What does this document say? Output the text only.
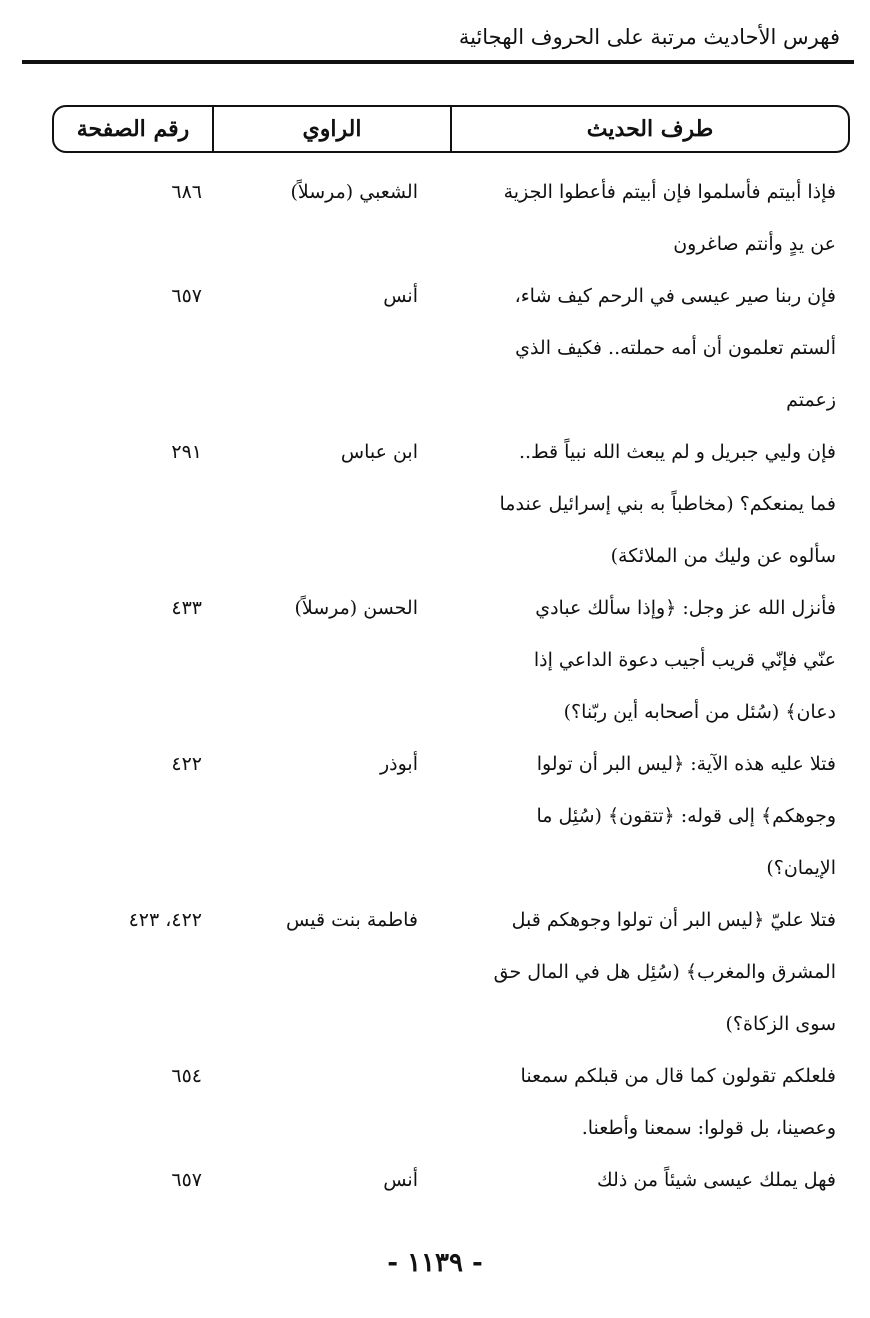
فهرس الأحاديث مرتبة على الحروف الهجائية
طرف الحديث
الراوي
رقم الصفحة
فإذا أبيتم فأسلموا فإن أبيتم فأعطوا الجزية
عن يدٍ وأنتم صاغرون
الشعبي (مرسلاً)
٦٨٦
فإن ربنا صير عيسى في الرحم كيف شاء،
ألستم تعلمون أن أمه حملته.. فكيف الذي
زعمتم
أنس
٦٥٧
فإن وليي جبريل و لم يبعث الله نبياً قط..
فما يمنعكم؟ (مخاطباً به بني إسرائيل عندما
سألوه عن وليك من الملائكة)
ابن عباس
٢٩١
فأنزل الله عز وجل: ﴿وإذا سألك عبادي
عنّي فإنّي قريب أجيب دعوة الداعي إذا
دعان﴾ (سُئل من أصحابه أين ربّنا؟)
الحسن (مرسلاً)
٤٣٣
فتلا عليه هذه الآية: ﴿ليس البر أن تولوا
وجوهكم﴾ إلى قوله: ﴿تتقون﴾ (سُئِل ما
الإيمان؟)
أبوذر
٤٢٢
فتلا عليّ ﴿ليس البر أن تولوا وجوهكم قبل
المشرق والمغرب﴾ (سُئِل هل في المال حق
سوى الزكاة؟)
فاطمة بنت قيس
٤٢٢، ٤٢٣
فلعلكم تقولون كما قال من قبلكم سمعنا
وعصينا، بل قولوا: سمعنا وأطعنا.
٦٥٤
فهل يملك عيسى شيئاً من ذلك
أنس
٦٥٧
- ١١٣٩ -
